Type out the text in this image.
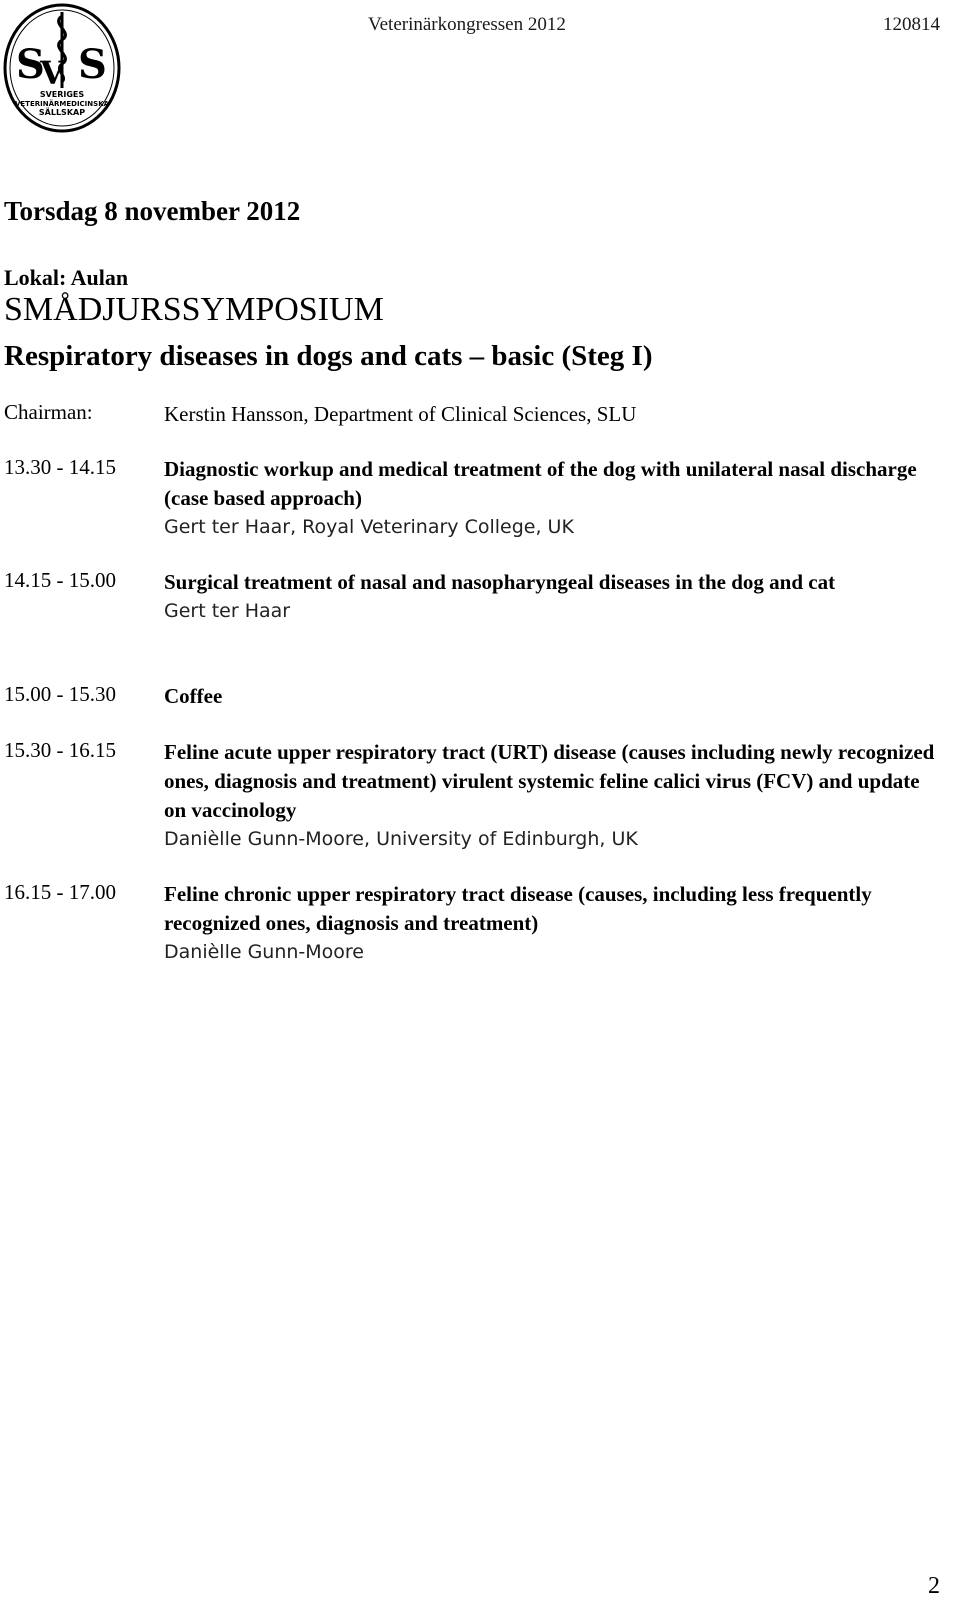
S
V S
SVERIGES
VETERINÄRMEDICINSKA
SÄLLSKAP
Veterinärkongressen 2012	120814
Torsdag 8 november 2012
Lokal: Aulan
SMÅDJURSSYMPOSIUM
Respiratory diseases in dogs and cats – basic (Steg I)
Chairman:	Kerstin Hansson, Department of Clinical Sciences, SLU
13.30 - 14.15 Diagnostic workup and medical treatment of the dog with unilateral nasal discharge (case based approach)
Gert ter Haar, Royal Veterinary College, UK
14.15 - 15.00 Surgical treatment of nasal and nasopharyngeal diseases in the dog and cat
Gert ter Haar
15.00 - 15.30 Coffee
15.30 - 16.15 Feline acute upper respiratory tract (URT) disease (causes including newly recognized ones, diagnosis and treatment) virulent systemic feline calici virus (FCV) and update on vaccinology
Danièlle Gunn-Moore, University of Edinburgh, UK
16.15 - 17.00 Feline chronic upper respiratory tract disease (causes, including less frequently recognized ones, diagnosis and treatment)
Danièlle Gunn-Moore
2
